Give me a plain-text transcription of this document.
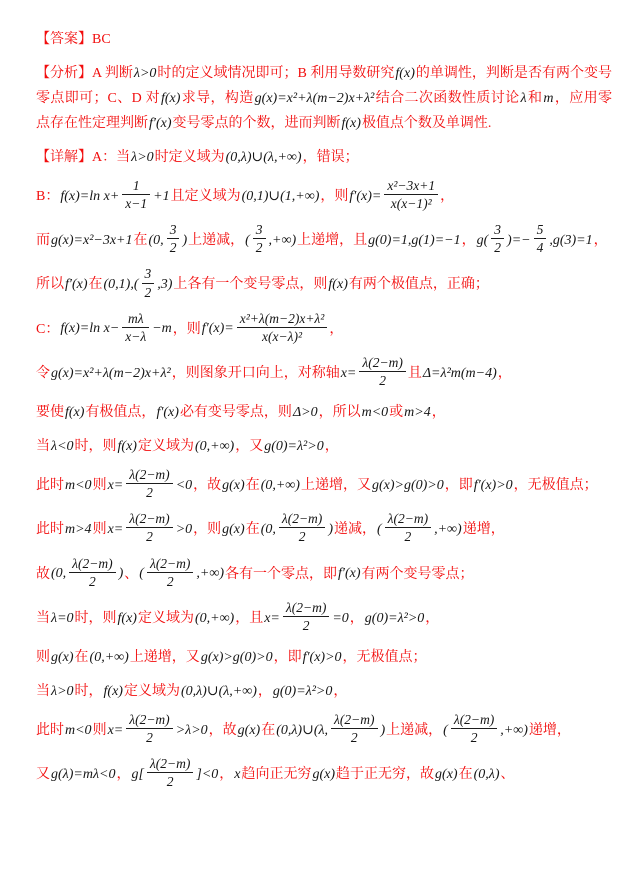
【答案】BC
【分析】A 判断λ>0时的定义域情况即可；B 利用导数研究f(x)的单调性，判断是否有两个变号零点即可；C、D 对f(x)求导，构造g(x)=x²+λ(m−2)x+λ²结合二次函数性质讨论λ和m，应用零点存在性定理判断f′(x)变号零点的个数，进而判断f(x)极值点个数及单调性.
【详解】A：当λ>0时定义域为(0,λ)∪(λ,+∞)，错误；
B：f(x)=ln $x+ \frac{1}{x-1} +1$且定义域为(0,1)∪(1,+∞)，则$f'(x)= \frac{\text{x²−3x+1}}{\text{x(x−1)²}}$ ，
而g(x)=x²−3x+1在(0, $\frac{3}{2}$ )上递减，( $\frac{3}{2}$ ,+∞)上递增，且g(0)=1,g(1)=−1，$g( \frac{3}{2}$ )=− $\frac{5}{4} ,g(3)=1$，
所以f′(x)在$(0,1),( \frac{3}{2} ,3)$上各有一个变号零点，则f(x)有两个极值点，正确；
C：f(x)=ln $x- \frac{m\lambda}{x-\lambda} -m$，则$f'(x)= \frac{\text{x²+λ(m−2)x+λ²}}{\text{x(x−λ)²}}$ ，
令g(x)=x²+λ(m−2)x+λ²，则图象开口向上，对称轴$x= \frac{\lambda(2-m)}{2}$ 且Δ=λ²m(m−4)，
要使f(x)有极值点，f′(x)必有变号零点，则Δ>0，所以m<0或m>4，
当λ<0时，则f(x)定义域为(0,+∞)，又g(0)=λ²>0，
此时m<0则$x= \frac{\lambda(2-m)}{2} <0$，故g(x)在(0,+∞)上递增，又g(x)>g(0)>0，即f′(x)>0，无极值点；
此时m>4则$x= \frac{\lambda(2-m)}{2} >0$，则g(x)在(0, $\frac{\lambda(2-m)}{2}$ )递减，( $\frac{\lambda(2-m)}{2}$ ,+∞)递增，
故(0, $\frac{\lambda(2-m)}{2}$ )、( $\frac{\lambda(2-m)}{2}$ ,+∞)各有一个零点，即f′(x)有两个变号零点；
当λ=0时，则f(x)定义域为(0,+∞)，且$x= \frac{\lambda(2-m)}{2} =0$，g(0)=λ²>0，
则g(x)在(0,+∞)上递增，又g(x)>g(0)>0，即f′(x)>0，无极值点；
当λ>0时，f(x)定义域为(0,λ)∪(λ,+∞)，g(0)=λ²>0，
此时m<0则$x= \frac{\lambda(2-m)}{2} >\lambda>0$，故g(x)在(0,λ)∪(λ, $\frac{\lambda(2-m)}{2}$ )上递减，( $\frac{\lambda(2-m)}{2}$ ,+∞)递增，
又g(λ)=mλ<0，$g[ \frac{\lambda(2-m)}{2} ]<0$，x趋向正无穷g(x)趋于正无穷，故g(x)在(0,λ)、
